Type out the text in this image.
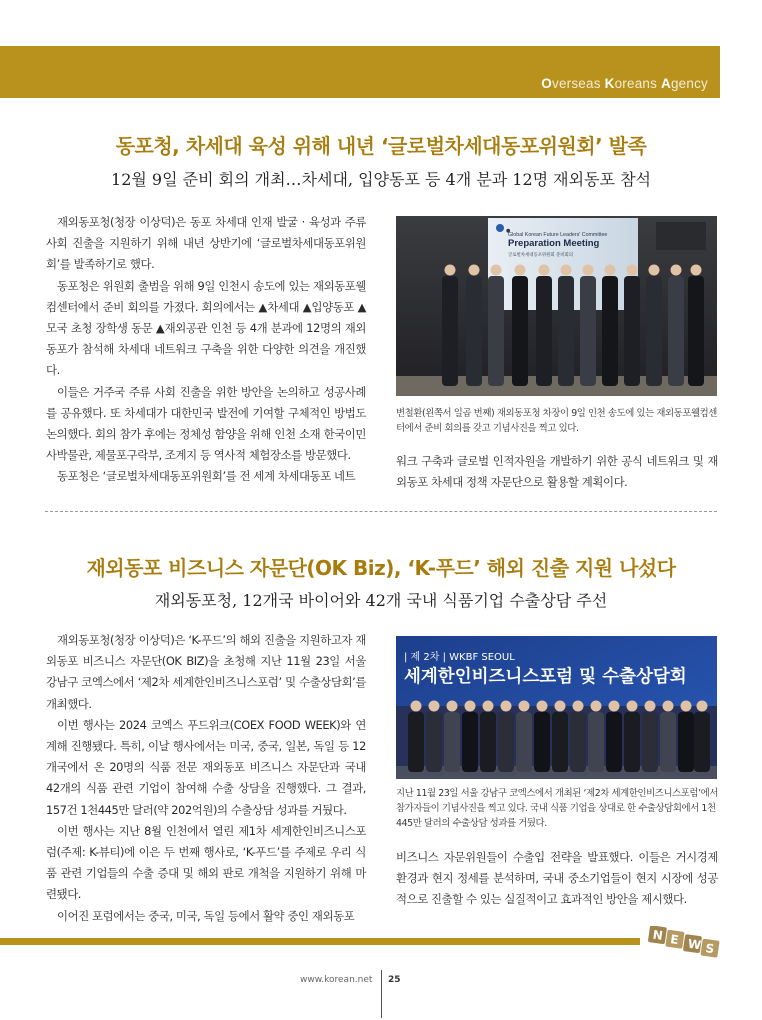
Overseas Koreans Agency
동포청, 차세대 육성 위해 내년 ‘글로벌차세대동포위원회’ 발족
12월 9일 준비 회의 개최…차세대, 입양동포 등 4개 분과 12명 재외동포 참석

재외동포청(청장 이상덕)은 동포 차세대 인재 발굴 · 육성과 주류사회 진출을 지원하기 위해 내년 상반기에 ‘글로벌차세대동포위원회’를 발족하기로 했다.

동포청은 위원회 출범을 위해 9일 인천시 송도에 있는 재외동포웰컴센터에서 준비 회의를 가졌다. 회의에서는 ▲차세대 ▲입양동포 ▲모국 초청 장학생 동문 ▲재외공관 인천 등 4개 분과에 12명의 재외동포가 참석해 차세대 네트워크 구축을 위한 다양한 의견을 개진했다.

이들은 거주국 주류 사회 진출을 위한 방안을 논의하고 성공사례를 공유했다. 또 차세대가 대한민국 발전에 기여할 구체적인 방법도 논의했다. 회의 참가 후에는 정체성 함양을 위해 인천 소재 한국이민사박물관, 제물포구락부, 조계지 등 역사적 체험장소를 방문했다.

동포청은 ‘글로벌차세대동포위원회’를 전 세계 차세대동포 네트

●
Global Korean Future Leaders' Committee
Preparation Meeting
글로벌차세대동포위원회 준비회의
변철환(왼쪽서 일곱 번째) 재외동포청 차장이 9일 인천 송도에 있는 재외동포웰컴센터에서 준비 회의를 갖고 기념사진을 찍고 있다.

워크 구축과 글로벌 인적자원을 개발하기 위한 공식 네트워크 및 재외동포 차세대 정책 자문단으로 활용할 계획이다.

재외동포 비즈니스 자문단(OK Biz), ‘K-푸드’ 해외 진출 지원 나섰다
재외동포청, 12개국 바이어와 42개 국내 식품기업 수출상담 주선

재외동포청(청장 이상덕)은 ‘K-푸드’의 해외 진출을 지원하고자 재외동포 비즈니스 자문단(OK BIZ)을 초청해 지난 11월 23일 서울 강남구 코엑스에서 ‘제2차 세계한인비즈니스포럼’ 및 수출상담회’를 개최했다.

이번 행사는 2024 코엑스 푸드위크(COEX FOOD WEEK)와 연계해 진행됐다. 특히, 이날 행사에서는 미국, 중국, 일본, 독일 등 12개국에서 온 20명의 식품 전문 재외동포 비즈니스 자문단과 국내 42개의 식품 관련 기업이 참여해 수출 상담을 진행했다. 그 결과, 157건 1천445만 달러(약 202억원)의 수출상담 성과를 거뒀다.

이번 행사는 지난 8월 인천에서 열린 제1차 세계한인비즈니스포럼(주제: K-뷰티)에 이은 두 번째 행사로, ‘K-푸드’를 주제로 우리 식품 관련 기업들의 수출 증대 및 해외 판로 개척을 지원하기 위해 마련됐다.

이어진 포럼에서는 중국, 미국, 독일 등에서 활약 중인 재외동포

| 제 2차 | WKBF SEOUL
세계한인비즈니스포럼 및 수출상담회
지난 11월 23일 서울 강남구 코엑스에서 개최된 ‘제2차 세계한인비즈니스포럼’에서 참가자들이 기념사진을 찍고 있다. 국내 식품 기업을 상대로 한 수출상담회에서 1천445만 달러의 수출상담 성과를 거뒀다.

비즈니스 자문위원들이 수출입 전략을 발표했다. 이들은 거시경제 환경과 현지 정세를 분석하며, 국내 중소기업들이 현지 시장에 성공적으로 진출할 수 있는 실질적이고 효과적인 방안을 제시했다.

N E W S
www.korean.net 25
